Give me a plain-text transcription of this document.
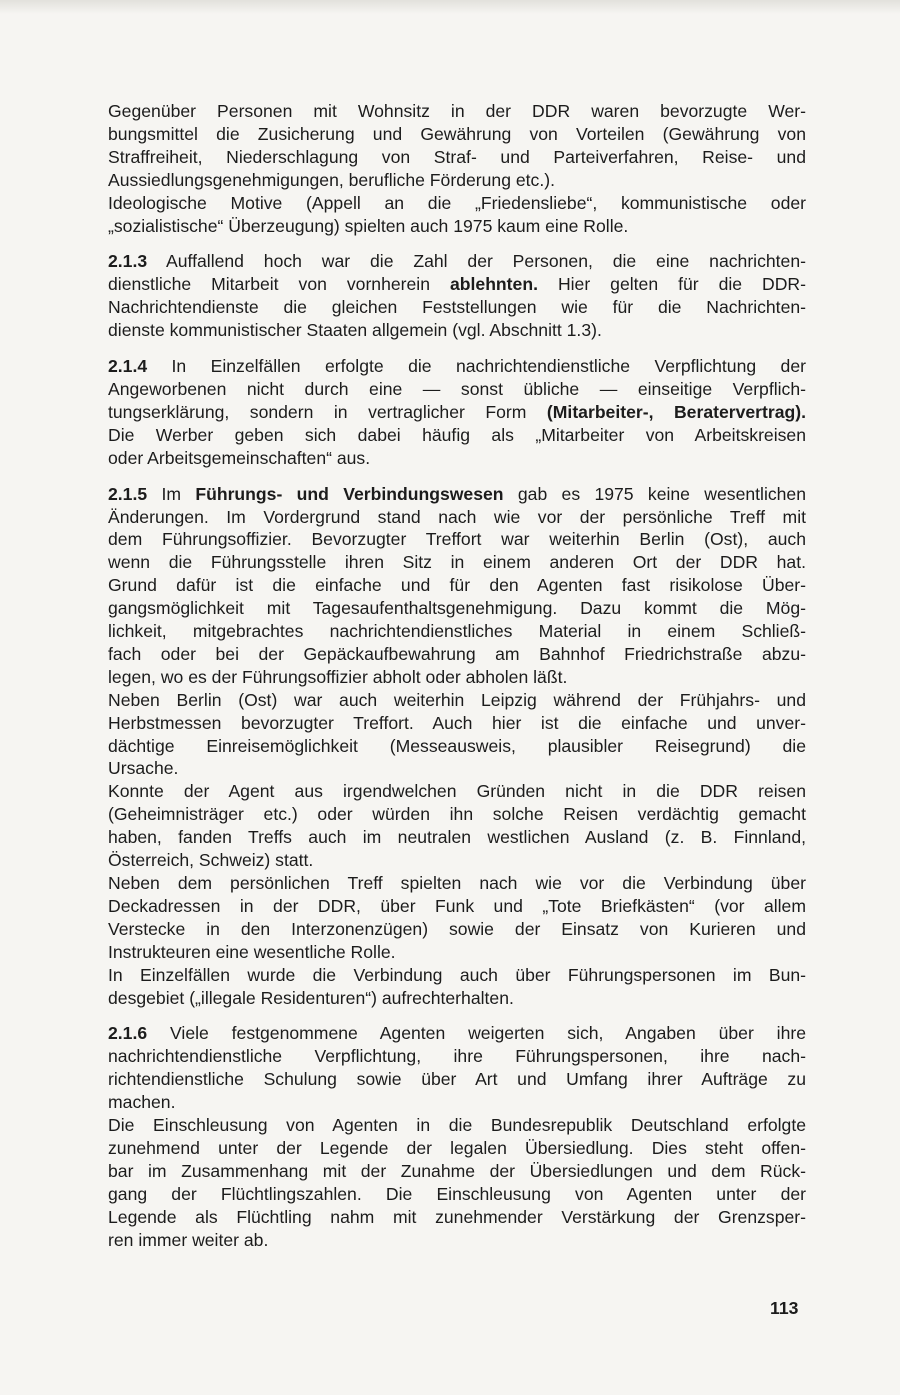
Gegenüber Personen mit Wohnsitz in der DDR waren bevorzugte Wer-
bungsmittel die Zusicherung und Gewährung von Vorteilen (Gewährung von
Straffreiheit, Niederschlagung von Straf- und Parteiverfahren, Reise- und
Aussiedlungsgenehmigungen, berufliche Förderung etc.).
Ideologische Motive (Appell an die „Friedensliebe“, kommunistische oder
„sozialistische“ Überzeugung) spielten auch 1975 kaum eine Rolle.
2.1.3 Auffallend hoch war die Zahl der Personen, die eine nachrichten-
dienstliche Mitarbeit von vornherein ablehnten. Hier gelten für die DDR-
Nachrichtendienste die gleichen Feststellungen wie für die Nachrichten-
dienste kommunistischer Staaten allgemein (vgl. Abschnitt 1.3).
2.1.4 In Einzelfällen erfolgte die nachrichtendienstliche Verpflichtung der
Angeworbenen nicht durch eine — sonst übliche — einseitige Verpflich-
tungserklärung, sondern in vertraglicher Form (Mitarbeiter-, Beratervertrag).
Die Werber geben sich dabei häufig als „Mitarbeiter von Arbeitskreisen
oder Arbeitsgemeinschaften“ aus.
2.1.5 Im Führungs- und Verbindungswesen gab es 1975 keine wesentlichen
Änderungen. Im Vordergrund stand nach wie vor der persönliche Treff mit
dem Führungsoffizier. Bevorzugter Treffort war weiterhin Berlin (Ost), auch
wenn die Führungsstelle ihren Sitz in einem anderen Ort der DDR hat.
Grund dafür ist die einfache und für den Agenten fast risikolose Über-
gangsmöglichkeit mit Tagesaufenthaltsgenehmigung. Dazu kommt die Mög-
lichkeit, mitgebrachtes nachrichtendienstliches Material in einem Schließ-
fach oder bei der Gepäckaufbewahrung am Bahnhof Friedrichstraße abzu-
legen, wo es der Führungsoffizier abholt oder abholen läßt.
Neben Berlin (Ost) war auch weiterhin Leipzig während der Frühjahrs- und
Herbstmessen bevorzugter Treffort. Auch hier ist die einfache und unver-
dächtige Einreisemöglichkeit (Messeausweis, plausibler Reisegrund) die
Ursache.
Konnte der Agent aus irgendwelchen Gründen nicht in die DDR reisen
(Geheimnisträger etc.) oder würden ihn solche Reisen verdächtig gemacht
haben, fanden Treffs auch im neutralen westlichen Ausland (z. B. Finnland,
Österreich, Schweiz) statt.
Neben dem persönlichen Treff spielten nach wie vor die Verbindung über
Deckadressen in der DDR, über Funk und „Tote Briefkästen“ (vor allem
Verstecke in den Interzonenzügen) sowie der Einsatz von Kurieren und
Instrukteuren eine wesentliche Rolle.
In Einzelfällen wurde die Verbindung auch über Führungspersonen im Bun-
desgebiet („illegale Residenturen“) aufrechterhalten.
2.1.6 Viele festgenommene Agenten weigerten sich, Angaben über ihre
nachrichtendienstliche Verpflichtung, ihre Führungspersonen, ihre nach-
richtendienstliche Schulung sowie über Art und Umfang ihrer Aufträge zu
machen.
Die Einschleusung von Agenten in die Bundesrepublik Deutschland erfolgte
zunehmend unter der Legende der legalen Übersiedlung. Dies steht offen-
bar im Zusammenhang mit der Zunahme der Übersiedlungen und dem Rück-
gang der Flüchtlingszahlen. Die Einschleusung von Agenten unter der
Legende als Flüchtling nahm mit zunehmender Verstärkung der Grenzsper-
ren immer weiter ab.
113
